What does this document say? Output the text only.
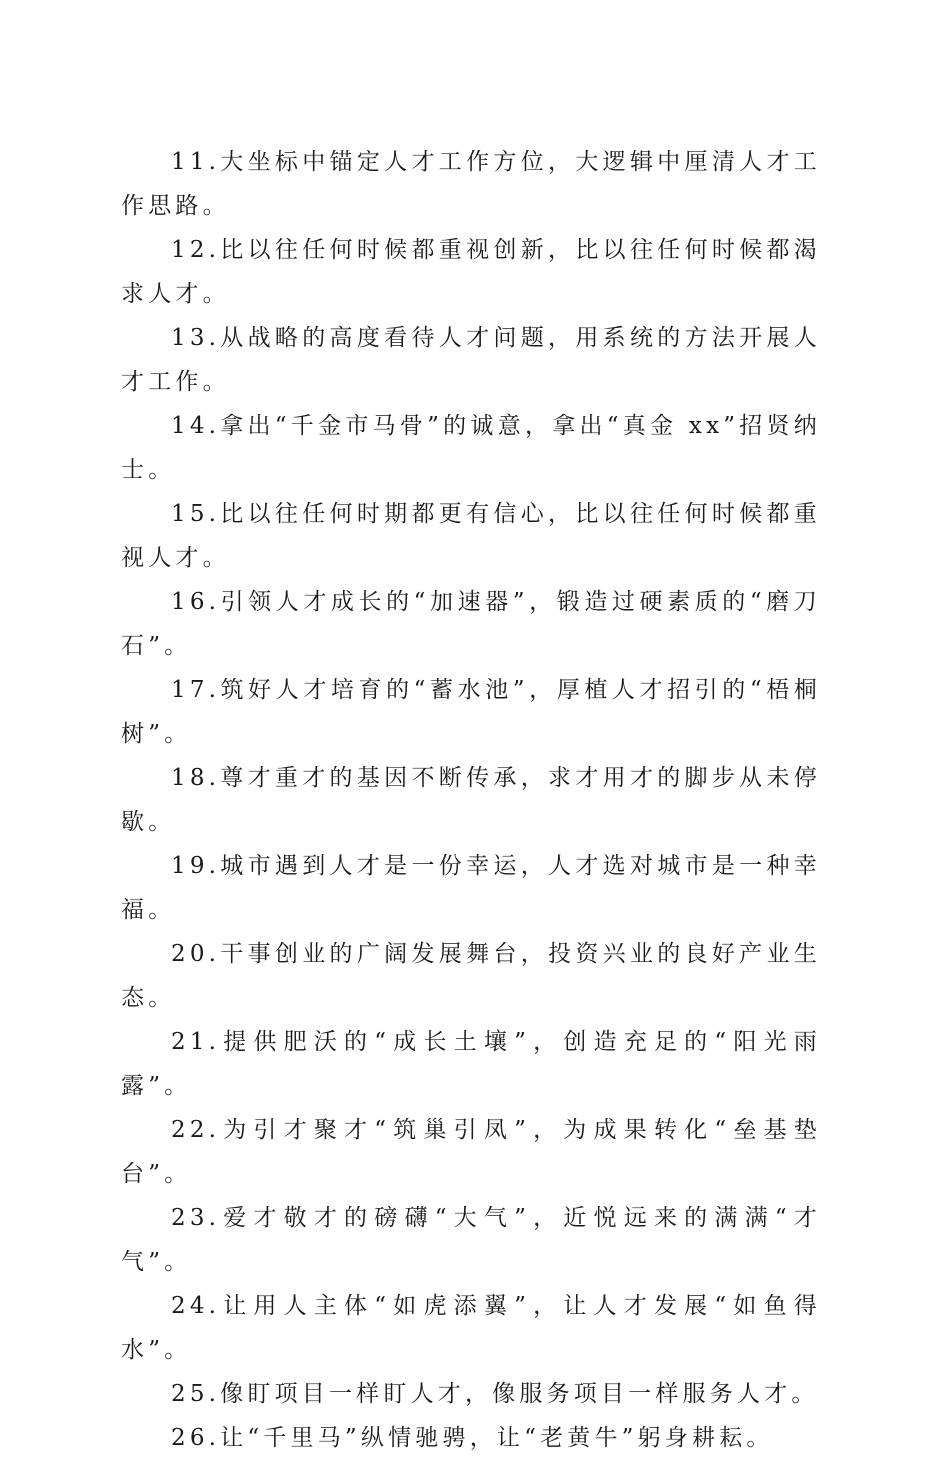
11.大坐标中锚定人才工作方位，大逻辑中厘清人才工作思路。

12.比以往任何时候都重视创新，比以往任何时候都渴求人才。

13.从战略的高度看待人才问题，用系统的方法开展人才工作。

14.拿出“千金市马骨”的诚意，拿出“真金 xx”招贤纳士。

15.比以往任何时期都更有信心，比以往任何时候都重视人才。

16.引领人才成长的“加速器”，锻造过硬素质的“磨刀石”。

17.筑好人才培育的“蓄水池”，厚植人才招引的“梧桐树”。

18.尊才重才的基因不断传承，求才用才的脚步从未停歇。

19.城市遇到人才是一份幸运，人才选对城市是一种幸福。

20.干事创业的广阔发展舞台，投资兴业的良好产业生态。

21.提供肥沃的“成长土壤”，创造充足的“阳光雨露”。

22.为引才聚才“筑巢引凤”，为成果转化“垒基垫台”。

23.爱才敬才的磅礴“大气”，近悦远来的满满“才气”。

24.让用人主体“如虎添翼”，让人才发展“如鱼得水”。

25.像盯项目一样盯人才，像服务项目一样服务人才。

26.让“千里马”纵情驰骋，让“老黄牛”躬身耕耘。
